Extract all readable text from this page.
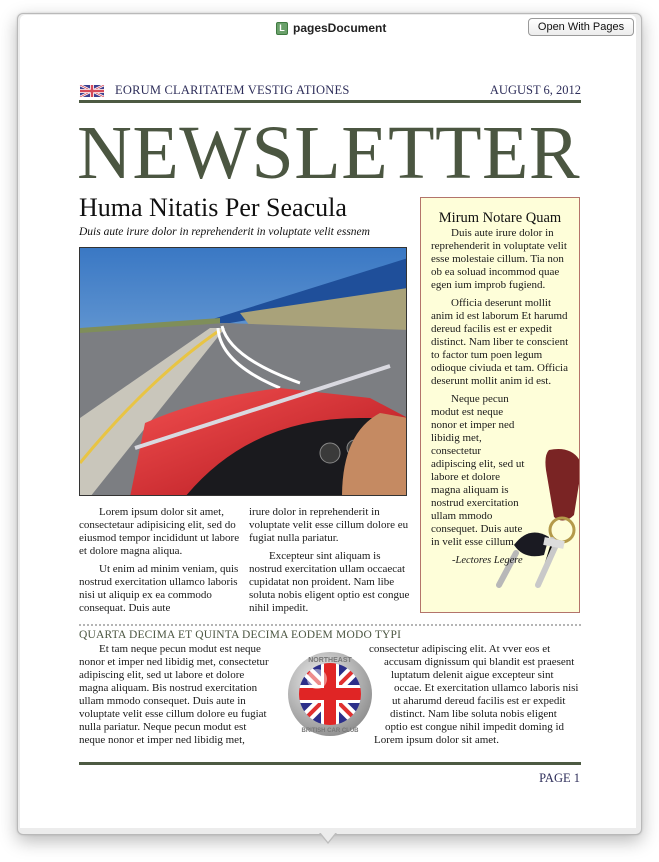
L pagesDocument	Open With Pages
EORUM CLARITATEM VESTIG ATIONES	AUGUST 6, 2012
NEWSLETTER
Huma Nitatis Per Seacula
Duis aute irure dolor in reprehenderit in voluptate velit essnem

Lorem ipsum dolor sit amet, consectetaur adipisicing elit, sed do eiusmod tempor incididunt ut labore et dolore magna aliqua.

Ut enim ad minim veniam, quis nostrud exercitation ullamco laboris nisi ut aliquip ex ea commodo consequat. Duis aute

irure dolor in reprehenderit in voluptate velit esse cillum dolore eu fugiat nulla pariatur.

Excepteur sint aliquam is nostrud exercitation ullam occaecat cupidatat non proident. Nam libe soluta nobis eligent optio est congue nihil impedit.

Mirum Notare Quam

Duis aute irure dolor in reprehenderit in voluptate velit esse molestaie cillum. Tia non ob ea soluad incommod quae egen ium improb fugiend.

Officia deserunt mollit anim id est laborum Et harumd dereud facilis est er expedit distinct. Nam liber te conscient to factor tum poen legum odioque civiuda et tam. Officia deserunt mollit anim id est.

Neque pecun modut est neque nonor et imper ned libidig met, consectetur adipiscing elit, sed ut labore et dolore magna aliquam is nostrud exercitation ullam mmodo consequet. Duis aute in velit esse cillum.

-Lectores Legere

QUARTA DECIMA ET QUINTA DECIMA EODEM MODO TYPI
Et tam neque pecun modut est neque
nonor et imper ned libidig met, consectetur
adipiscing elit, sed ut labore et dolore
magna aliquam. Bis nostrud exercitation
ullam mmodo consequet. Duis aute in
voluptate velit esse cillum dolore eu fugiat
nulla pariatur. Neque pecun modut est
neque nonor et imper ned libidig met,
NORTHEAST
BRITISH CAR CLUB
consectetur adipiscing elit. At vver eos et
accusam dignissum qui blandit est praesent
luptatum delenit aigue excepteur sint
occae. Et exercitation ullamco laboris nisi
ut aharumd dereud facilis est er expedit
distinct. Nam libe soluta nobis eligent
optio est congue nihil impedit doming id
Lorem ipsum dolor sit amet.
PAGE 1
